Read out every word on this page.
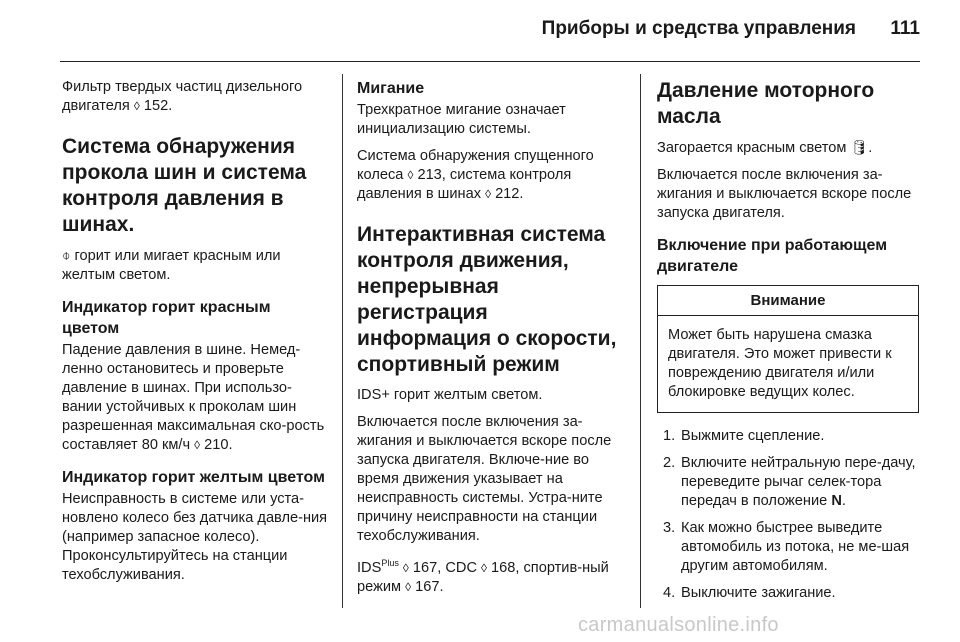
Приборы и средства управления 111

Фильтр твердых частиц дизельного двигателя ◊ 152.

Система обнаружения прокола шин и система контроля давления в шинах.

⌽ горит или мигает красным или желтым светом.

Индикатор горит красным цветом

Падение давления в шине. Немед-ленно остановитесь и проверьте давление в шинах. При использо-вании устойчивых к проколам шин разрешенная максимальная ско-рость составляет 80 км/ч ◊ 210.

Индикатор горит желтым цветом

Неисправность в системе или уста-новлено колесо без датчика давле-ния (например запасное колесо). Проконсультируйтесь на станции техобслуживания.

Мигание

Трехкратное мигание означает инициализацию системы.

Система обнаружения спущенного колеса ◊ 213, система контроля давления в шинах ◊ 212.

Интерактивная система контроля движения, непрерывная регистрация информация о скорости, спортивный режим

IDS+ горит желтым светом.

Включается после включения за-жигания и выключается вскоре после запуска двигателя. Включе-ние во время движения указывает на неисправность системы. Устра-ните причину неисправности на станции техобслуживания.

$IDS^{Plus}$ ◊ 167, CDC ◊ 168, спортив-ный режим ◊ 167.

Давление моторного масла

Загорается красным светом 🛢.

Включается после включения за-жигания и выключается вскоре после запуска двигателя.

Включение при работающем двигателе
Внимание
Может быть нарушена смазка двигателя. Это может привести к повреждению двигателя и/или блокировке ведущих колес.
1. Выжмите сцепление.
2. Включите нейтральную пере-дачу, переведите рычаг селек-тора передач в положение N.
3. Как можно быстрее выведите автомобиль из потока, не ме-шая другим автомобилям.
4. Выключите зажигание.
carmanualsonline.info
